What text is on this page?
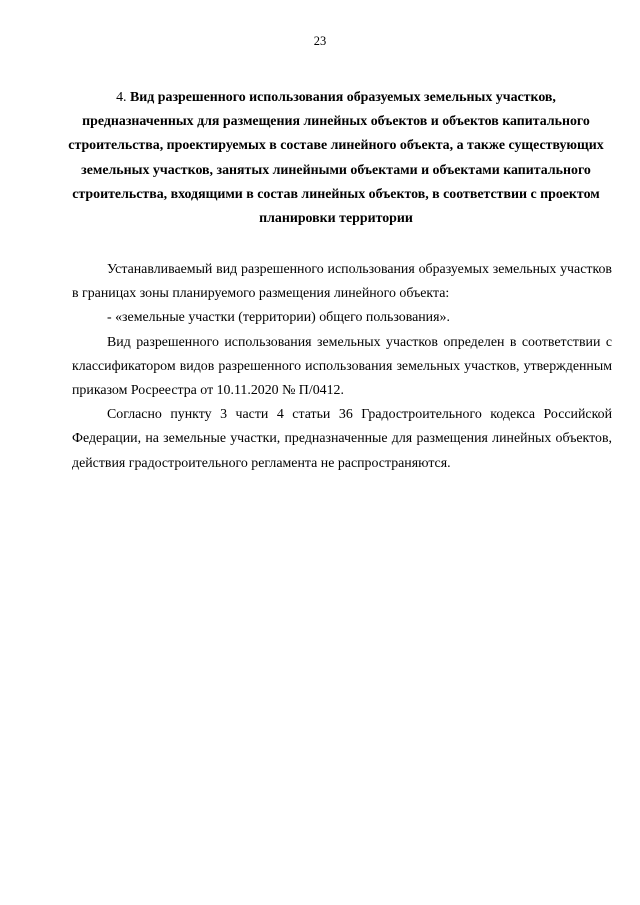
23
4. Вид разрешенного использования образуемых земельных участков, предназначенных для размещения линейных объектов и объектов капитального строительства, проектируемых в составе линейного объекта, а также существующих земельных участков, занятых линейными объектами и объектами капитального строительства, входящими в состав линейных объектов, в соответствии с проектом планировки территории

Устанавливаемый вид разрешенного использования образуемых земельных участков в границах зоны планируемого размещения линейного объекта:

- «земельные участки (территории) общего пользования».

Вид разрешенного использования земельных участков определен в соответствии с классификатором видов разрешенного использования земельных участков, утвержденным приказом Росреестра от 10.11.2020 № П/0412.

Согласно пункту 3 части 4 статьи 36 Градостроительного кодекса Российской Федерации, на земельные участки, предназначенные для размещения линейных объектов, действия градостроительного регламента не распространяются.
